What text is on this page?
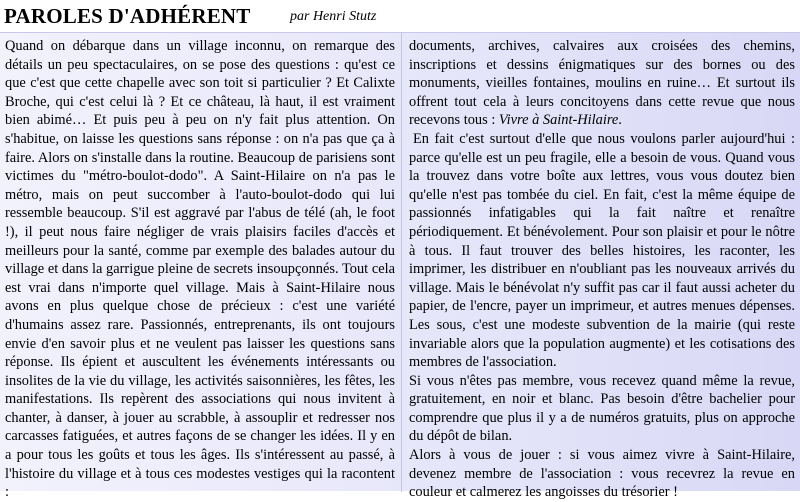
PAROLES D'ADHÉRENT	par Henri Stutz

Quand on débarque dans un village inconnu, on remarque des détails un peu spectaculaires, on se pose des questions : qu'est ce que c'est que cette chapelle avec son toit si particulier ? Et Calixte Broche, qui c'est celui là ? Et ce château, là haut, il est vraiment bien abimé… Et puis peu à peu on n'y fait plus attention. On s'habitue, on laisse les questions sans réponse : on n'a pas que ça à faire. Alors on s'installe dans la routine. Beaucoup de parisiens sont victimes du "métro-boulot-dodo". A Saint-Hilaire on n'a pas le métro, mais on peut succomber à l'auto-boulot-dodo qui lui ressemble beaucoup. S'il est aggravé par l'abus de télé (ah, le foot !), il peut nous faire négliger de vrais plaisirs faciles d'accès et meilleurs pour la santé, comme par exemple des balades autour du village et dans la garrigue pleine de secrets insoupçonnés. Tout cela est vrai dans n'importe quel village. Mais à Saint-Hilaire nous avons en plus quelque chose de précieux : c'est une variété d'humains assez rare. Passionnés, entreprenants, ils ont toujours envie d'en savoir plus et ne veulent pas laisser les questions sans réponse. Ils épient et auscultent les événements intéressants ou insolites de la vie du village, les activités saisonnières, les fêtes, les manifestations. Ils repèrent des associations qui nous invitent à chanter, à danser, à jouer au scrabble, à assouplir et redresser nos carcasses fatiguées, et autres façons de se changer les idées. Il y en a pour tous les goûts et tous les âges. Ils s'intéressent au passé, à l'histoire du village et à tous ces modestes vestiges qui la racontent :

documents, archives, calvaires aux croisées des chemins, inscriptions et dessins énigmatiques sur des bornes ou des monuments, vieilles fontaines, moulins en ruine… Et surtout ils offrent tout cela à leurs concitoyens dans cette revue que nous recevons tous : Vivre à Saint-Hilaire.

En fait c'est surtout d'elle que nous voulons parler aujourd'hui : parce qu'elle est un peu fragile, elle a besoin de vous. Quand vous la trouvez dans votre boîte aux lettres, vous vous doutez bien qu'elle n'est pas tombée du ciel. En fait, c'est la même équipe de passionnés infatigables qui la fait naître et renaître périodiquement. Et bénévolement. Pour son plaisir et pour le nôtre à tous. Il faut trouver des belles histoires, les raconter, les imprimer, les distribuer en n'oubliant pas les nouveaux arrivés du village. Mais le bénévolat n'y suffit pas car il faut aussi acheter du papier, de l'encre, payer un imprimeur, et autres menues dépenses. Les sous, c'est une modeste subvention de la mairie (qui reste invariable alors que la population augmente) et les cotisations des membres de l'association.

Si vous n'êtes pas membre, vous recevez quand même la revue, gratuitement, en noir et blanc. Pas besoin d'être bachelier pour comprendre que plus il y a de numéros gratuits, plus on approche du dépôt de bilan.

Alors à vous de jouer : si vous aimez vivre à Saint-Hilaire, devenez membre de l'association : vous recevrez la revue en couleur et calmerez les angoisses du trésorier !
